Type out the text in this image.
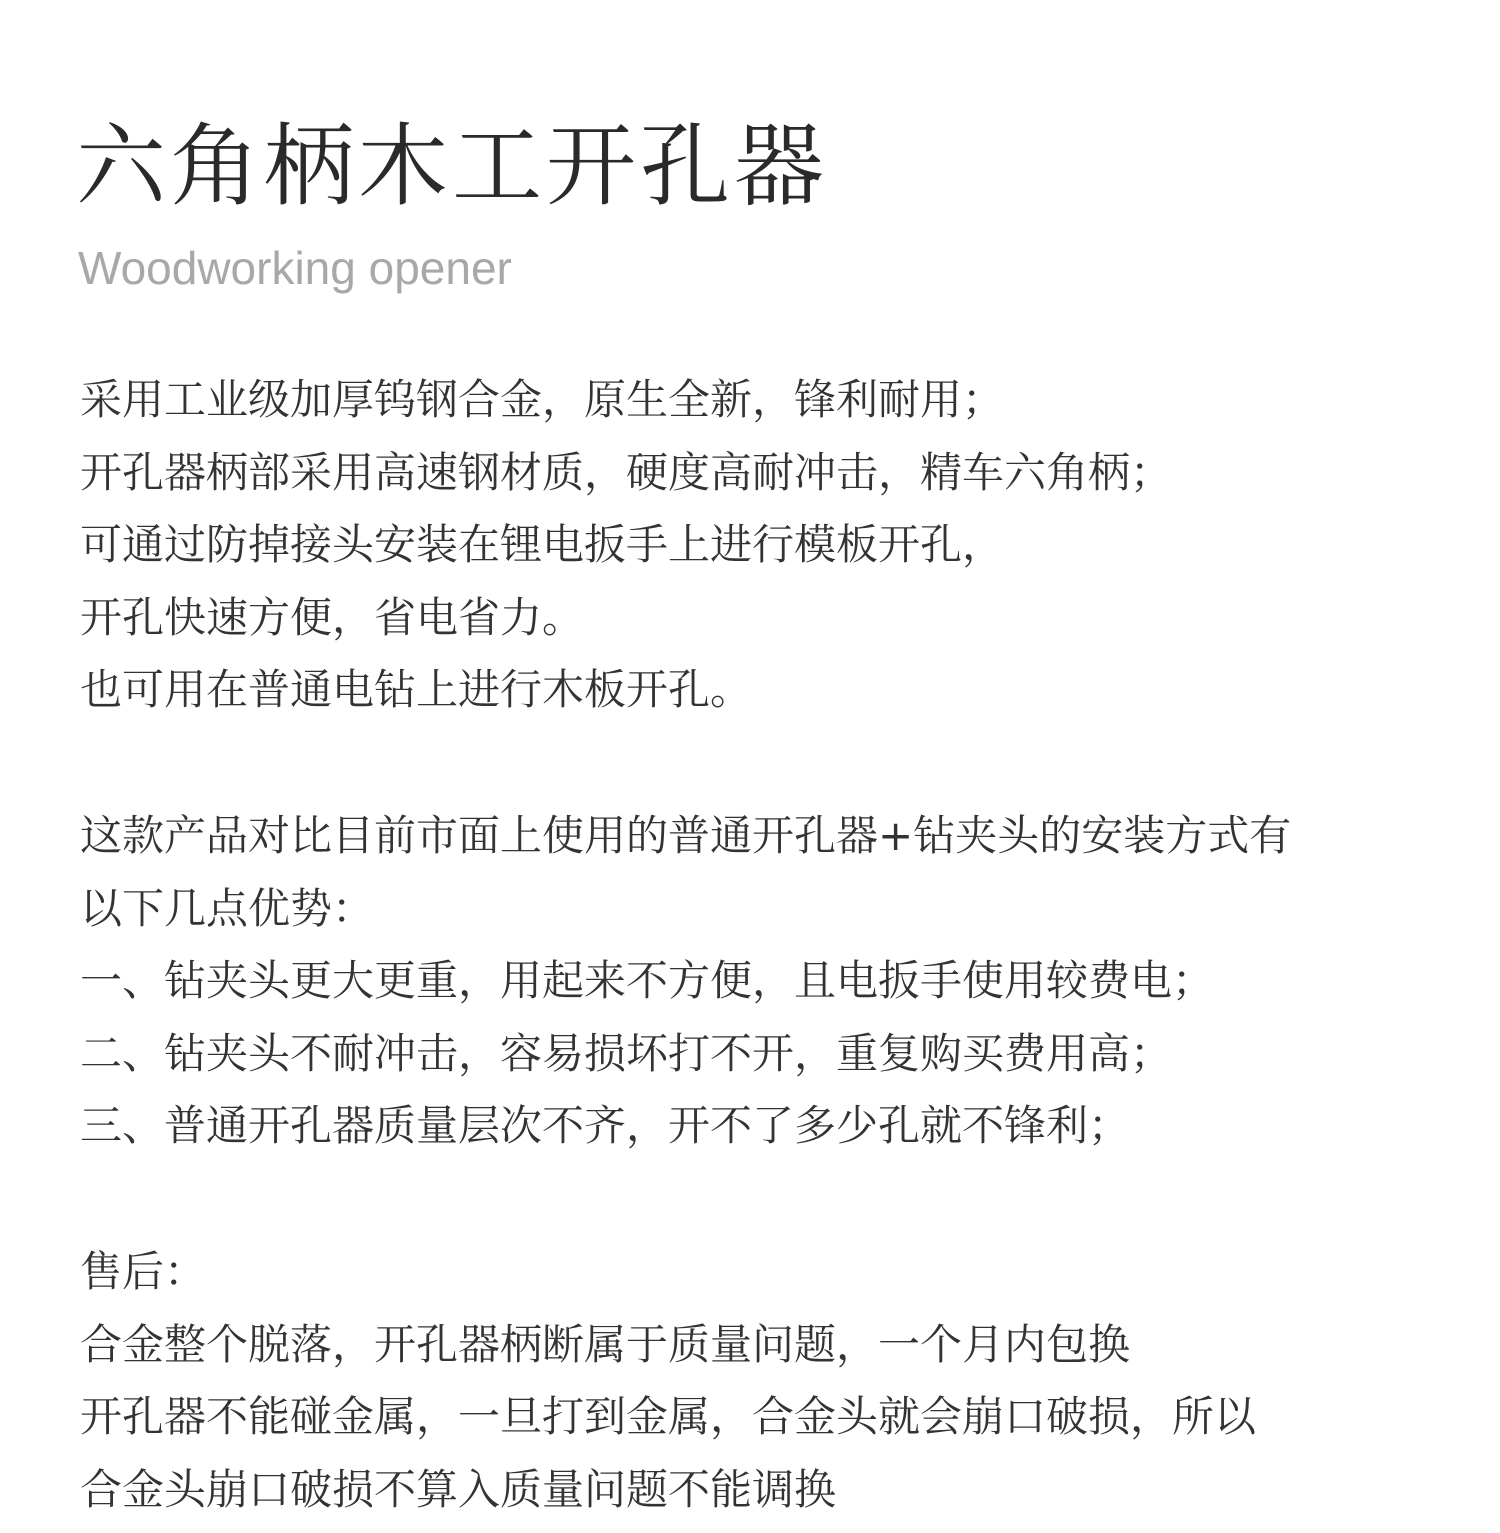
六角柄木工开孔器
Woodworking opener
采用工业级加厚钨钢合金，原生全新，锋利耐用；
开孔器柄部采用高速钢材质，硬度高耐冲击，精车六角柄；
可通过防掉接头安装在锂电扳手上进行模板开孔，
开孔快速方便，省电省力。
也可用在普通电钻上进行木板开孔。
这款产品对比目前市面上使用的普通开孔器+钻夹头的安装方式有
以下几点优势：
一、钻夹头更大更重，用起来不方便，且电扳手使用较费电；
二、钻夹头不耐冲击，容易损坏打不开，重复购买费用高；
三、普通开孔器质量层次不齐，开不了多少孔就不锋利；
售后：
合金整个脱落，开孔器柄断属于质量问题，一个月内包换
开孔器不能碰金属，一旦打到金属，合金头就会崩口破损，所以
合金头崩口破损不算入质量问题不能调换
